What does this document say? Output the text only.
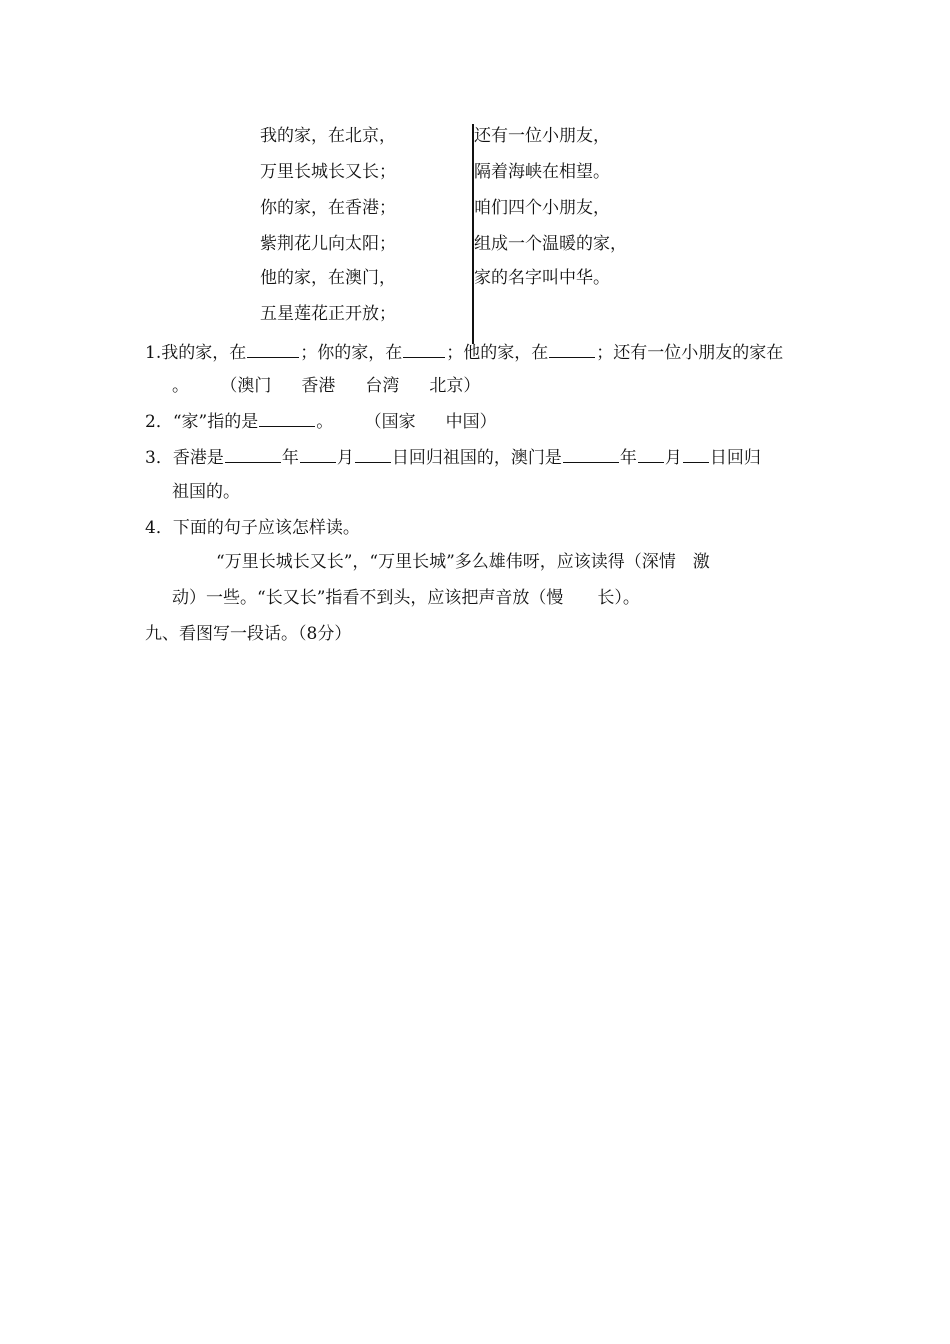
我的家，在北京，
万里长城长又长；
你的家，在香港；
紫荆花儿向太阳；
他的家，在澳门，
五星莲花正开放；
还有一位小朋友，
隔着海峡在相望。
咱们四个小朋友，
组成一个温暖的家，
家的名字叫中华。
1.我的家，在	；你的家，在	；他的家，在	；还有一位小朋友的家在
。 （澳门 香港 台湾 北京）
2．“家”指的是	。 （国家 中国）
3．香港是	年 月 日回归祖国的，澳门是	年 月 日回归
祖国的。
4．下面的句子应该怎样读。
“万里长城长又长”，“万里长城”多么雄伟呀，应该读得（深情　激
动）一些。“长又长”指看不到头，应该把声音放（慢　　长）。
九、看图写一段话。（8分）
